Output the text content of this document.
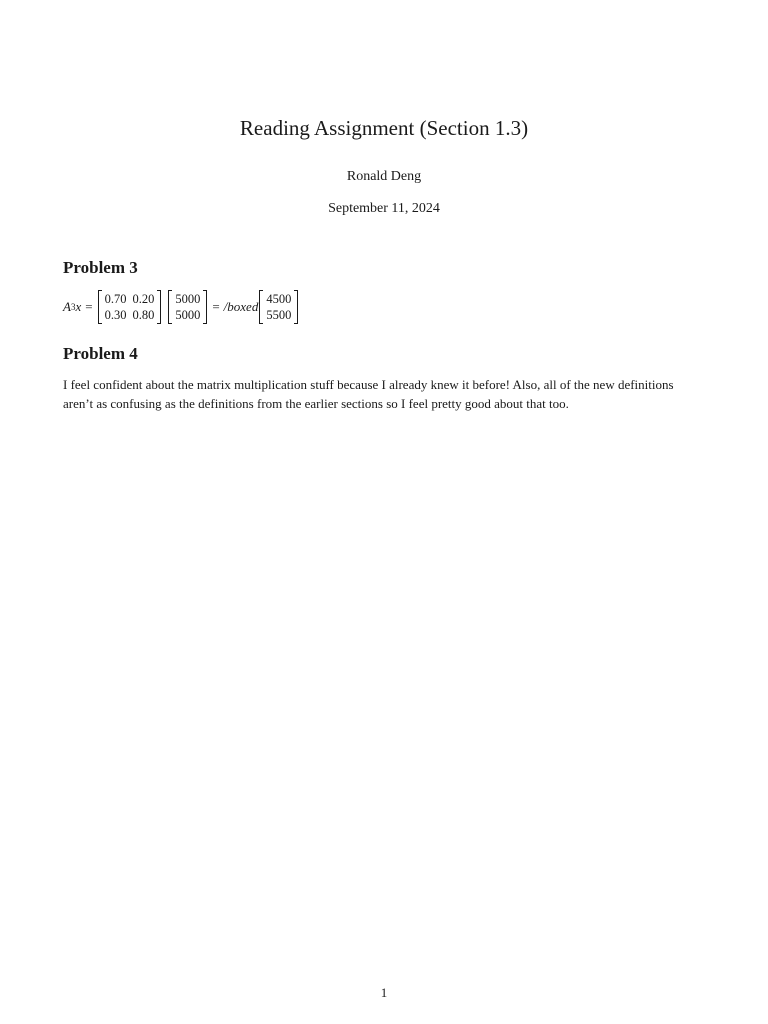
Reading Assignment (Section 1.3)
Ronald Deng
September 11, 2024
Problem 3
A 3 x = 0.70	0.20
0.30	0.80
5000
5000
= /boxed 4500
5500
Problem 4
I feel confident about the matrix multiplication stuff because I already knew it before! Also, all of the new definitions aren’t as confusing as the definitions from the earlier sections so I feel pretty good about that too.
1
